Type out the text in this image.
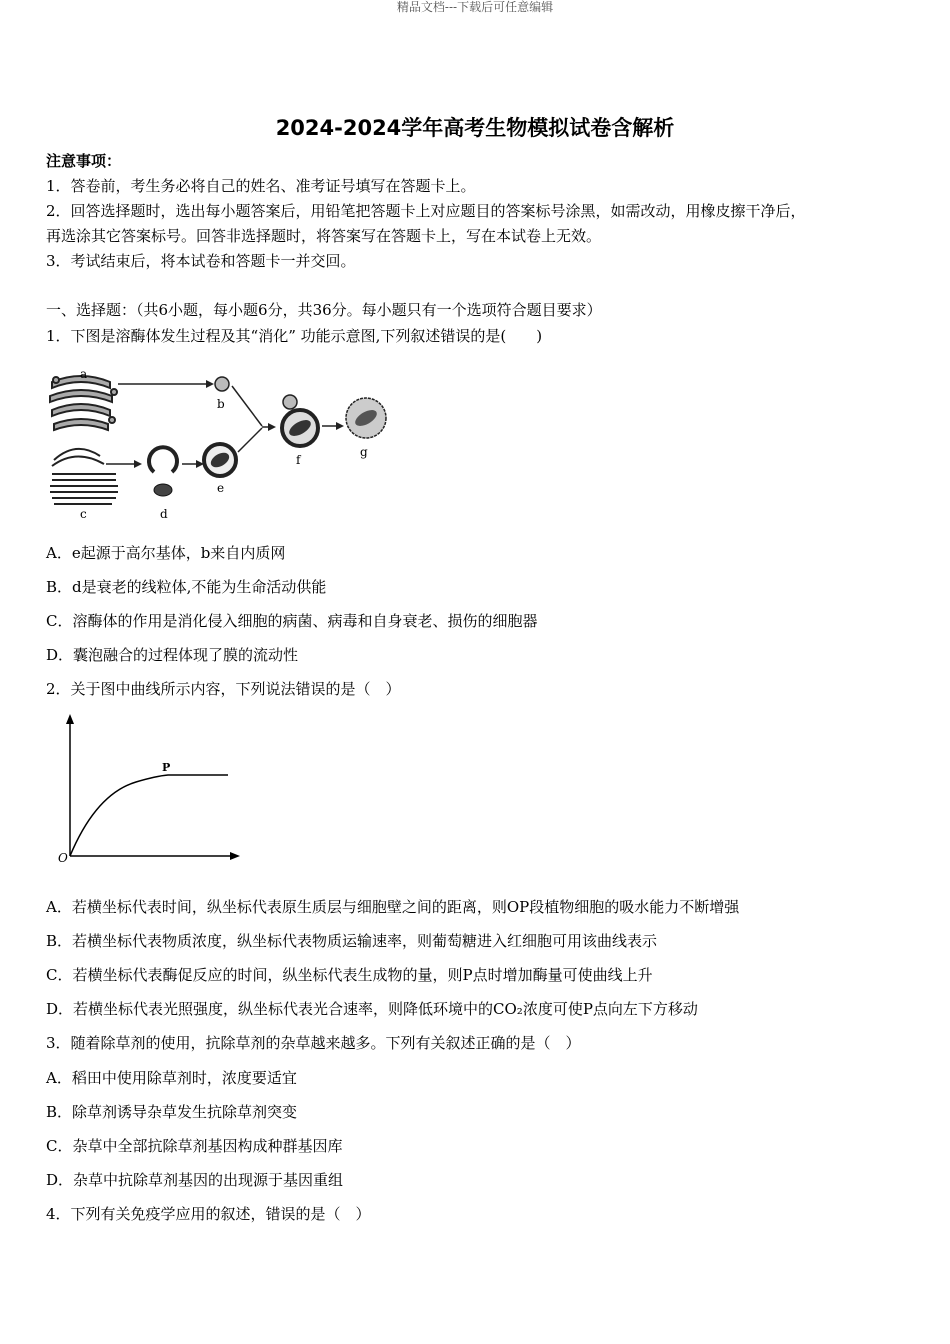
精品文档---下载后可任意编辑
2024-2024学年高考生物模拟试卷含解析
注意事项：
1．答卷前，考生务必将自己的姓名、准考证号填写在答题卡上。
2．回答选择题时，选出每小题答案后，用铅笔把答题卡上对应题目的答案标号涂黑，如需改动，用橡皮擦干净后，
再选涂其它答案标号。回答非选择题时，将答案写在答题卡上，写在本试卷上无效。
3．考试结束后，将本试卷和答题卡一并交回。
一、选择题：（共6小题，每小题6分，共36分。每小题只有一个选项符合题目要求）
1．下图是溶酶体发生过程及其“消化” 功能示意图,下列叙述错误的是(　　)
a
b
c	d
e
f
g
A．e起源于高尔基体，b来自内质网
B．d是衰老的线粒体,不能为生命活动供能
C．溶酶体的作用是消化侵入细胞的病菌、病毒和自身衰老、损伤的细胞器
D．囊泡融合的过程体现了膜的流动性
2．关于图中曲线所示内容，下列说法错误的是（　）
P
O
A．若横坐标代表时间，纵坐标代表原生质层与细胞壁之间的距离，则OP段植物细胞的吸水能力不断增强
B．若横坐标代表物质浓度，纵坐标代表物质运输速率，则葡萄糖进入红细胞可用该曲线表示
C．若横坐标代表酶促反应的时间，纵坐标代表生成物的量，则P点时增加酶量可使曲线上升
D．若横坐标代表光照强度，纵坐标代表光合速率，则降低环境中的CO₂浓度可使P点向左下方移动
3．随着除草剂的使用，抗除草剂的杂草越来越多。下列有关叙述正确的是（　）
A．稻田中使用除草剂时，浓度要适宜
B．除草剂诱导杂草发生抗除草剂突变
C．杂草中全部抗除草剂基因构成种群基因库
D．杂草中抗除草剂基因的出现源于基因重组
4．下列有关免疫学应用的叙述，错误的是（　）
